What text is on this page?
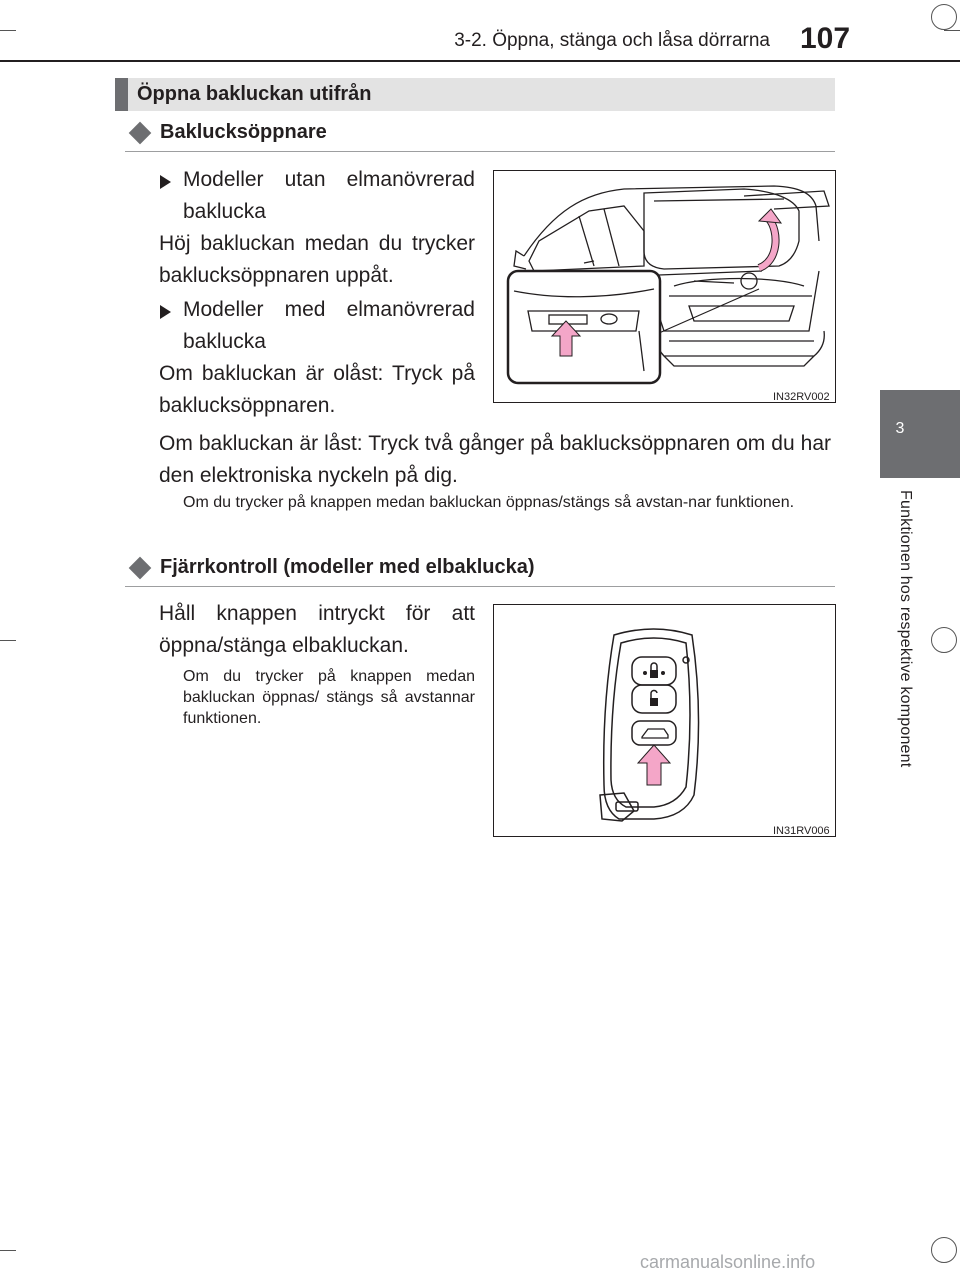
3-2. Öppna, stänga och låsa dörrarna 107
3
Funktionen hos respektive komponent
Öppna bakluckan utifrån
Baklucksöppnare
Modeller utan elmanövrerad baklucka
Höj bakluckan medan du trycker baklucksöppnaren uppåt.
Modeller med elmanövrerad baklucka
Om bakluckan är olåst: Tryck på baklucksöppnaren.	IN32RV002
Om bakluckan är låst: Tryck två gånger på baklucksöppnaren om du har den elektroniska nyckeln på dig.
Om du trycker på knappen medan bakluckan öppnas/stängs så avstan-nar funktionen.
Fjärrkontroll (modeller med elbaklucka)
Håll knappen intryckt för att öppna/stänga elbakluckan.
Om du trycker på knappen medan bakluckan öppnas/ stängs så avstannar funktionen.
IN31RV006
carmanualsonline.info
